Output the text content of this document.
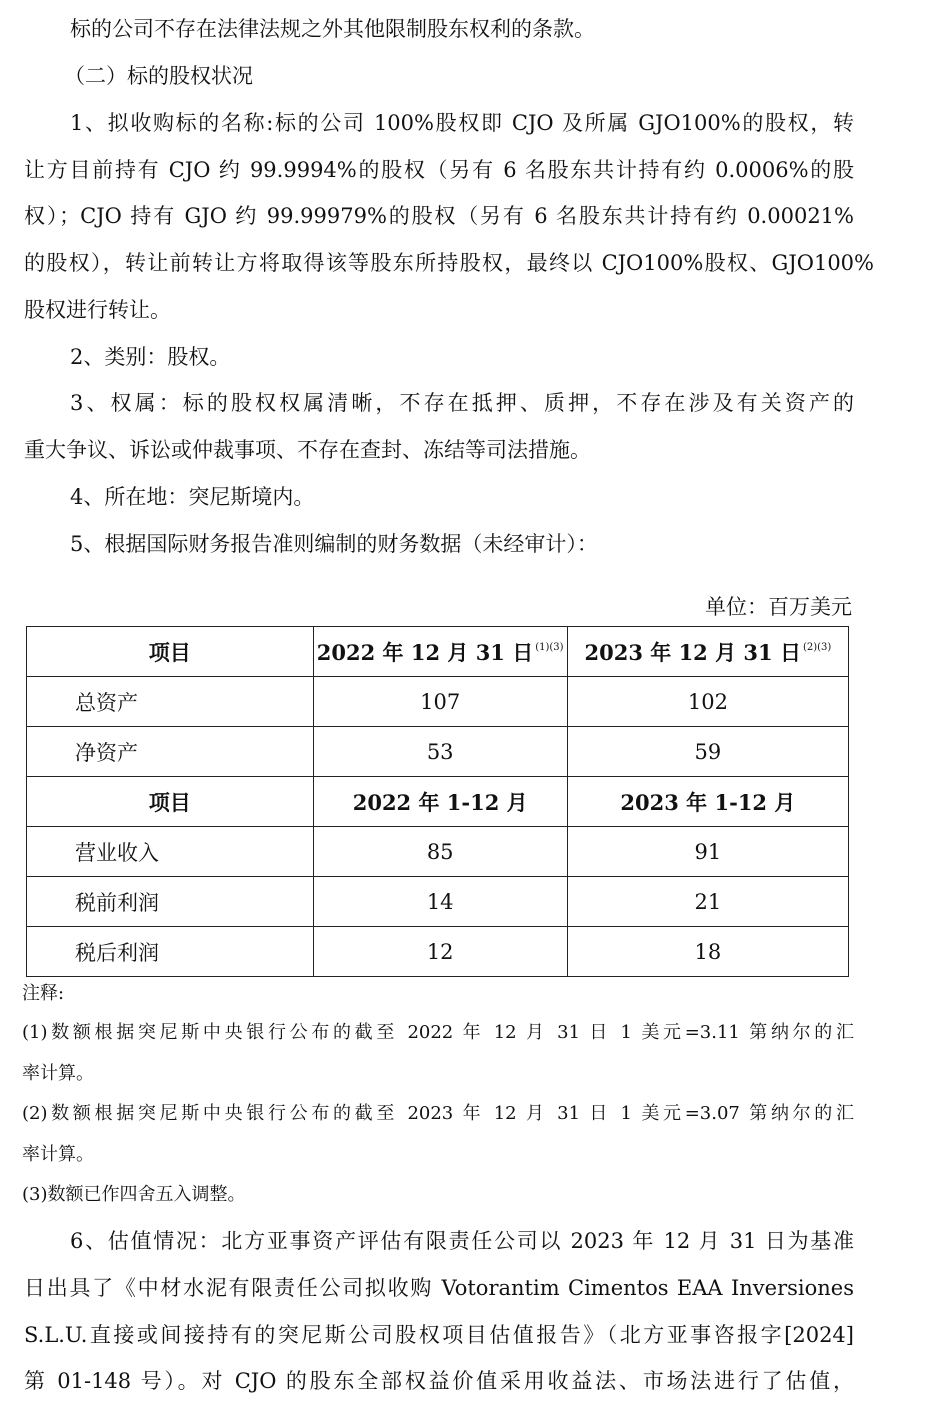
标的公司不存在法律法规之外其他限制股东权利的条款。
（二）标的股权状况
1、拟收购标的名称:标的公司 100%股权即 CJO 及所属 GJO100%的股权，转
让方目前持有 CJO 约 99.9994%的股权（另有 6 名股东共计持有约 0.0006%的股
权）；CJO 持有 GJO 约 99.99979%的股权（另有 6 名股东共计持有约 0.00021%
的股权），转让前转让方将取得该等股东所持股权，最终以 CJO100%股权、GJO100%
股权进行转让。
2、类别：股权。
3、权属：标的股权权属清晰，不存在抵押、质押，不存在涉及有关资产的
重大争议、诉讼或仲裁事项、不存在查封、冻结等司法措施。
4、所在地：突尼斯境内。
5、根据国际财务报告准则编制的财务数据（未经审计）：
单位：百万美元
项目	2022 年 12 月 31 日 $^{(1)(3)}$	2023 年 12 月 31 日 $^{(2)(3)}$
总资产	107	102
净资产	53	59
项目	2022 年 1-12 月	2023 年 1-12 月
营业收入	85	91
税前利润	14	21
税后利润	12	18
注释:
(1)数额根据突尼斯中央银行公布的截至 2022 年 12 月 31 日 1 美元=3.11 第纳尔的汇
率计算。
(2)数额根据突尼斯中央银行公布的截至 2023 年 12 月 31 日 1 美元=3.07 第纳尔的汇
率计算。
(3)数额已作四舍五入调整。
6、估值情况：北方亚事资产评估有限责任公司以 2023 年 12 月 31 日为基准
日出具了《中材水泥有限责任公司拟收购 Votorantim Cimentos EAA Inversiones
S.L.U.直接或间接持有的突尼斯公司股权项目估值报告》（北方亚事咨报字[2024]
第 01-148 号）。对 CJO 的股东全部权益价值采用收益法、市场法进行了估值，
